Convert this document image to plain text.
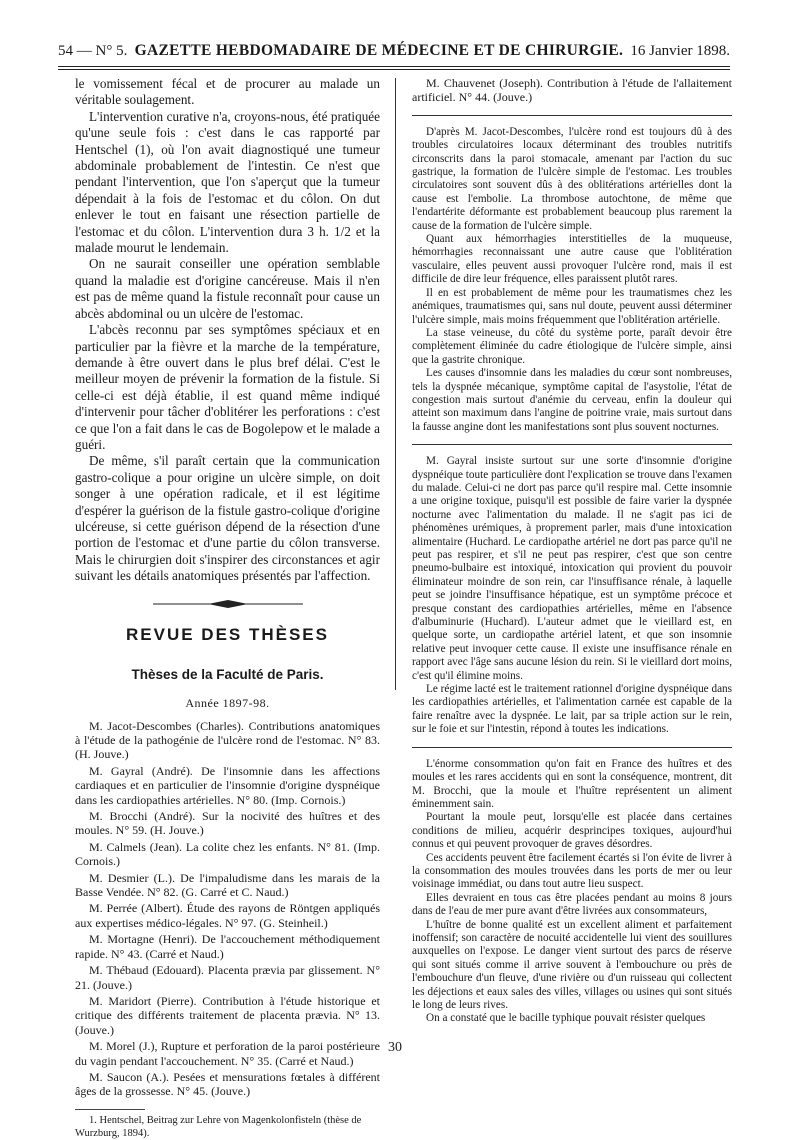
54 — N° 5. GAZETTE HEBDOMADAIRE DE MÉDECINE ET DE CHIRURGIE. 16 Janvier 1898.
le vomissement fécal et de procurer au malade un véritable soulagement.
L'intervention curative n'a, croyons-nous, été pratiquée qu'une seule fois : c'est dans le cas rapporté par Hentschel (1), où l'on avait diagnostiqué une tumeur abdominale probablement de l'intestin. Ce n'est que pendant l'intervention, que l'on s'aperçut que la tumeur dépendait à la fois de l'estomac et du côlon. On dut enlever le tout en faisant une résection partielle de l'estomac et du côlon. L'intervention dura 3 h. 1/2 et la malade mourut le lendemain.
On ne saurait conseiller une opération semblable quand la maladie est d'origine cancéreuse. Mais il n'en est pas de même quand la fistule reconnaît pour cause un abcès abdominal ou un ulcère de l'estomac.
L'abcès reconnu par ses symptômes spéciaux et en particulier par la fièvre et la marche de la température, demande à être ouvert dans le plus bref délai. C'est le meilleur moyen de prévenir la formation de la fistule. Si celle-ci est déjà établie, il est quand même indiqué d'intervenir pour tâcher d'oblitérer les perforations : c'est ce que l'on a fait dans le cas de Bogolepow et le malade a guéri.
De même, s'il paraît certain que la communication gastro-colique a pour origine un ulcère simple, on doit songer à une opération radicale, et il est légitime d'espérer la guérison de la fistule gastro-colique d'origine ulcéreuse, si cette guérison dépend de la résection d'une portion de l'estomac et d'une partie du côlon transverse. Mais le chirurgien doit s'inspirer des circonstances et agir suivant les détails anatomiques présentés par l'affection.
REVUE DES THÈSES
Thèses de la Faculté de Paris.
Année 1897-98.

M. Jacot-Descombes (Charles). Contributions anatomiques à l'étude de la pathogénie de l'ulcère rond de l'estomac. N° 83. (H. Jouve.)

M. Gayral (André). De l'insomnie dans les affections cardiaques et en particulier de l'insomnie d'origine dyspnéique dans les cardiopathies artérielles. N° 80. (Imp. Cornois.)

M. Brocchi (André). Sur la nocivité des huîtres et des moules. N° 59. (H. Jouve.)

M. Calmels (Jean). La colite chez les enfants. N° 81. (Imp. Cornois.)

M. Desmier (L.). De l'impaludisme dans les marais de la Basse Vendée. N° 82. (G. Carré et C. Naud.)

M. Perrée (Albert). Étude des rayons de Röntgen appliqués aux expertises médico-légales. N° 97. (G. Steinheil.)

M. Mortagne (Henri). De l'accouchement méthodiquement rapide. N° 43. (Carré et Naud.)

M. Thébaud (Edouard). Placenta prævia par glissement. N° 21. (Jouve.)

M. Maridort (Pierre). Contribution à l'étude historique et critique des différents traitement de placenta prævia. N° 13. (Jouve.)

M. Morel (J.), Rupture et perforation de la paroi postérieure du vagin pendant l'accouchement. N° 35. (Carré et Naud.)

M. Saucon (A.). Pesées et mensurations fœtales à différent âges de la grossesse. N° 45. (Jouve.)

1. Hentschel, Beitrag zur Lehre von Magenkolonfisteln (thèse de Wurzburg, 1894).

M. Chauvenet (Joseph). Contribution à l'étude de l'allaitement artificiel. N° 44. (Jouve.)

D'après M. Jacot-Descombes, l'ulcère rond est toujours dû à des troubles circulatoires locaux déterminant des troubles nutritifs circonscrits dans la paroi stomacale, amenant par l'action du suc gastrique, la formation de l'ulcère simple de l'estomac. Les troubles circulatoires sont souvent dûs à des oblitérations artérielles dont la cause est l'embolie. La thrombose autochtone, de même que l'endartérite déformante est probablement beaucoup plus rarement la cause de la formation de l'ulcère simple.
Quant aux hémorrhagies interstitielles de la muqueuse, hémorrhagies reconnaissant une autre cause que l'oblitération vasculaire, elles peuvent aussi provoquer l'ulcère rond, mais il est difficile de dire leur fréquence, elles paraissent plutôt rares.
Il en est probablement de même pour les traumatismes chez les anémiques, traumatismes qui, sans nul doute, peuvent aussi déterminer l'ulcère simple, mais moins fréquemment que l'oblitération artérielle.
La stase veineuse, du côté du système porte, paraît devoir être complètement éliminée du cadre étiologique de l'ulcère simple, ainsi que la gastrite chronique.
Les causes d'insomnie dans les maladies du cœur sont nombreuses, tels la dyspnée mécanique, symptôme capital de l'asystolie, l'état de congestion mais surtout d'anémie du cerveau, enfin la douleur qui atteint son maximum dans l'angine de poitrine vraie, mais surtout dans la fausse angine dont les manifestations sont plus souvent nocturnes.
M. Gayral insiste surtout sur une sorte d'insomnie d'origine dyspnéique toute particulière dont l'explication se trouve dans l'examen du malade. Celui-ci ne dort pas parce qu'il respire mal. Cette insomnie a une origine toxique, puisqu'il est possible de faire varier la dyspnée nocturne avec l'alimentation du malade. Il ne s'agit pas ici de phénomènes urémiques, à proprement parler, mais d'une intoxication alimentaire (Huchard. Le cardiopathe artériel ne dort pas parce qu'il ne peut pas respirer, et s'il ne peut pas respirer, c'est que son centre pneumo-bulbaire est intoxiqué, intoxication qui provient du pouvoir éliminateur moindre de son rein, car l'insuffisance rénale, à laquelle peut se joindre l'insuffisance hépatique, est un symptôme précoce et presque constant des cardiopathies artérielles, même en l'absence d'albuminurie (Huchard). L'auteur admet que le vieillard est, en quelque sorte, un cardiopathe artériel latent, et que son insomnie relative peut invoquer cette cause. Il existe une insuffisance rénale en rapport avec l'âge sans aucune lésion du rein. Si le vieillard dort moins, c'est qu'il élimine moins.
Le régime lacté est le traitement rationnel d'origine dyspnéique dans les cardiopathies artérielles, et l'alimentation carnée est capable de la faire renaître avec la dyspnée. Le lait, par sa triple action sur le rein, sur le foie et sur l'intestin, répond à toutes les indications.
L'énorme consommation qu'on fait en France des huîtres et des moules et les rares accidents qui en sont la conséquence, montrent, dit M. Brocchi, que la moule et l'huître représentent un aliment éminemment sain.
Pourtant la moule peut, lorsqu'elle est placée dans certaines conditions de milieu, acquérir desprincipes toxiques, aujourd'hui connus et qui peuvent provoquer de graves désordres.
Ces accidents peuvent être facilement écartés si l'on évite de livrer à la consommation des moules trouvées dans les ports de mer ou leur voisinage immédiat, ou dans tout autre lieu suspect.
Elles devraient en tous cas être placées pendant au moins 8 jours dans de l'eau de mer pure avant d'être livrées aux consommateurs,
L'huître de bonne qualité est un excellent aliment et parfaitement inoffensif; son caractère de nocuité accidentelle lui vient des souillures auxquelles on l'expose. Le danger vient surtout des parcs de réserve qui sont situés comme il arrive souvent à l'embouchure ou près de l'embouchure d'un fleuve, d'une rivière ou d'un ruisseau qui collectent les déjections et eaux sales des villes, villages ou usines qui sont situés le long de leurs rives.
On a constaté que le bacille typhique pouvait résister quelques
30
